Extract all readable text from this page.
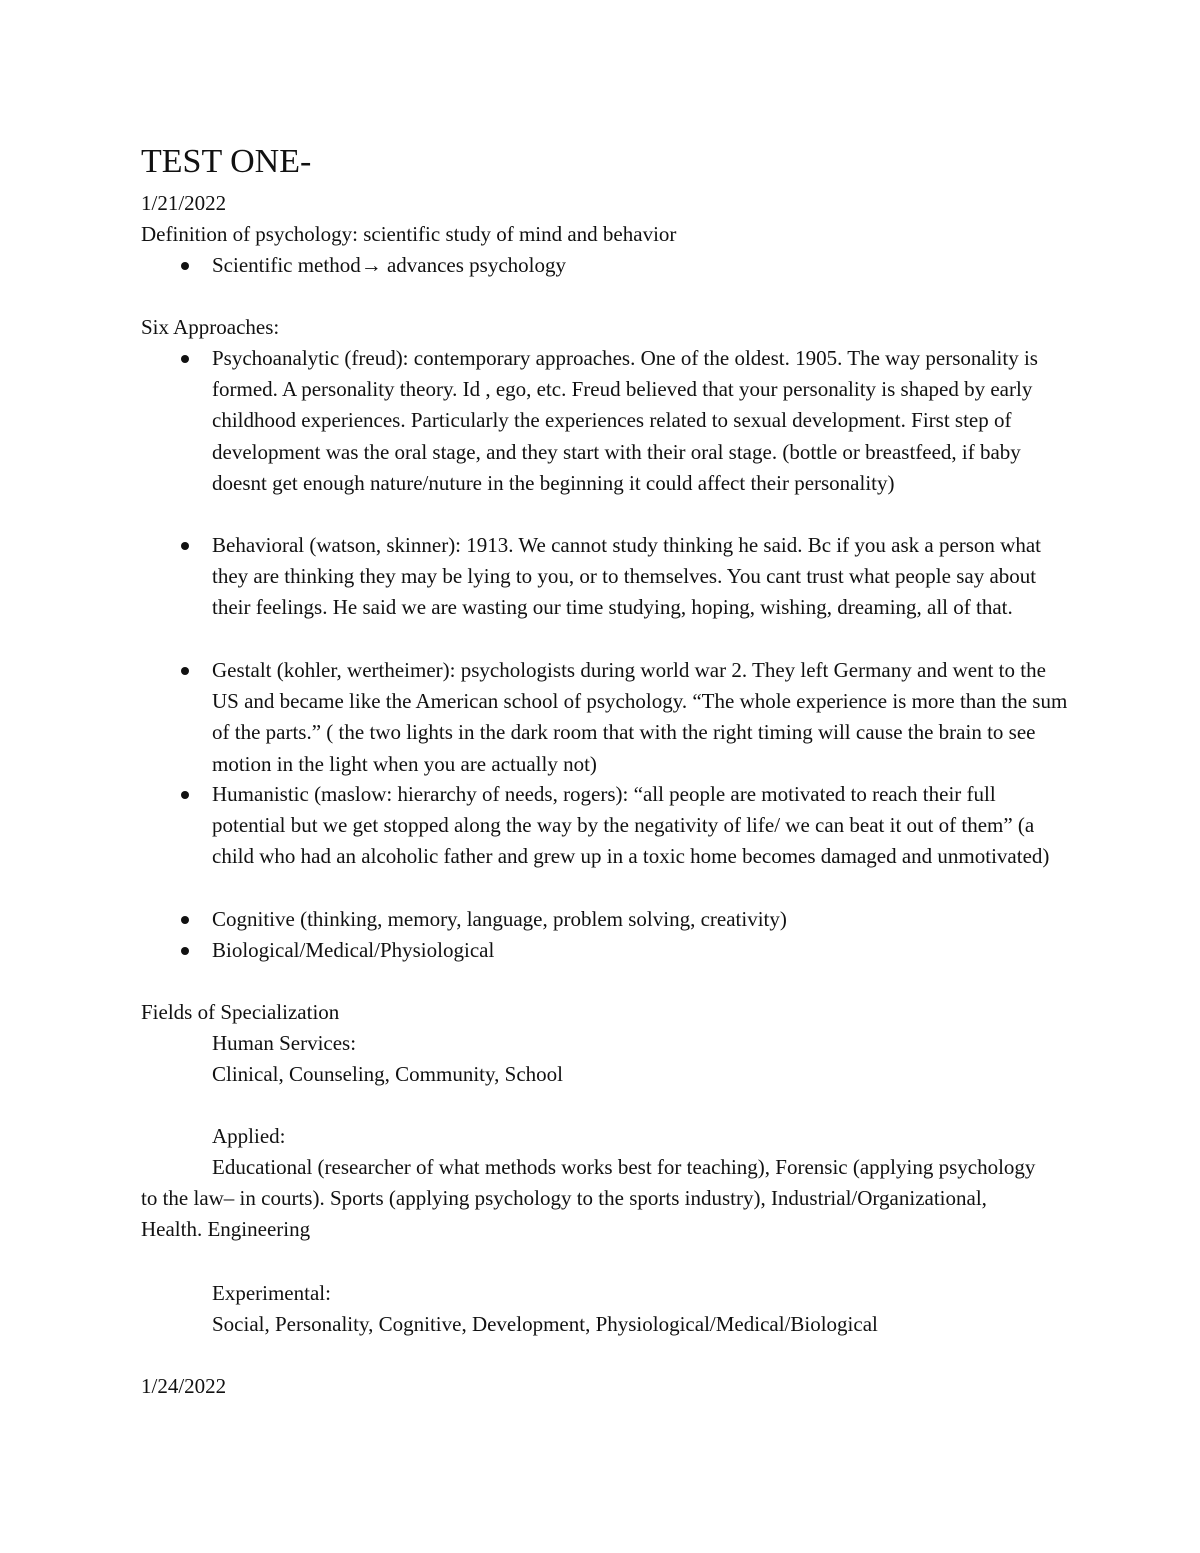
TEST ONE-
1/21/2022
Definition of psychology: scientific study of mind and behavior
Scientific method→ advances psychology
Six Approaches:
Psychoanalytic (freud): contemporary approaches. One of the oldest. 1905. The way personality is formed. A personality theory. Id , ego, etc. Freud believed that your personality is shaped by early childhood experiences. Particularly the experiences related to sexual development. First step of development was the oral stage, and they start with their oral stage. (bottle or breastfeed, if baby doesnt get enough nature/nuture in the beginning it could affect their personality)
Behavioral (watson, skinner): 1913. We cannot study thinking he said. Bc if you ask a person what they are thinking they may be lying to you, or to themselves. You cant trust what people say about their feelings. He said we are wasting our time studying, hoping, wishing, dreaming, all of that.
Gestalt (kohler, wertheimer): psychologists during world war 2. They left Germany and went to the US and became like the American school of psychology. “The whole experience is more than the sum of the parts.” ( the two lights in the dark room that with the right timing will cause the brain to see motion in the light when you are actually not)
Humanistic (maslow: hierarchy of needs, rogers): “all people are motivated to reach their full potential but we get stopped along the way by the negativity of life/ we can beat it out of them” (a child who had an alcoholic father and grew up in a toxic home becomes damaged and unmotivated)
Cognitive (thinking, memory, language, problem solving, creativity)
Biological/Medical/Physiological
Fields of Specialization
Human Services:
Clinical, Counseling, Community, School
Applied:
Educational (researcher of what methods works best for teaching), Forensic (applying psychology to the law– in courts). Sports (applying psychology to the sports industry), Industrial/Organizational, Health. Engineering
Experimental:
Social, Personality, Cognitive, Development, Physiological/Medical/Biological
1/24/2022
